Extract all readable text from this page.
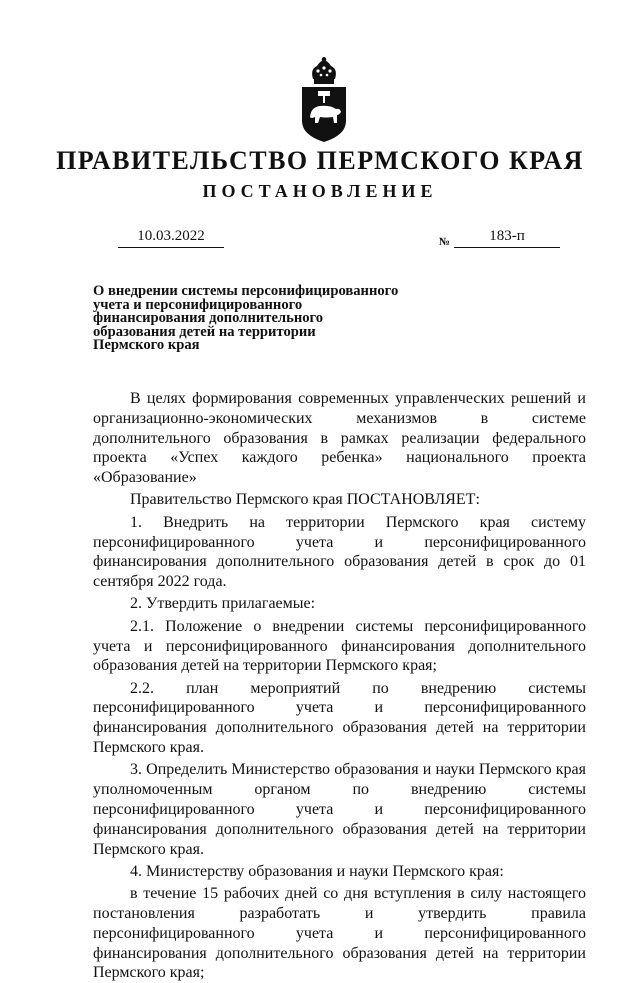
ПРАВИТЕЛЬСТВО ПЕРМСКОГО КРАЯ
ПОСТАНОВЛЕНИЕ
10.03.2022	№	183-п
О внедрении системы персонифицированного
учета и персонифицированного
финансирования дополнительного
образования детей на территории
Пермского края

В целях формирования современных управленческих решений и организационно-экономических механизмов в системе дополнительного образования в рамках реализации федерального проекта «Успех каждого ребенка» национального проекта «Образование»

Правительство Пермского края ПОСТАНОВЛЯЕТ:

1. Внедрить на территории Пермского края систему персонифицированного учета и персонифицированного финансирования дополнительного образования детей в срок до 01 сентября 2022 года.

2. Утвердить прилагаемые:

2.1. Положение о внедрении системы персонифицированного учета и персонифицированного финансирования дополнительного образования детей на территории Пермского края;

2.2. план мероприятий по внедрению системы персонифицированного учета и персонифицированного финансирования дополнительного образования детей на территории Пермского края.

3. Определить Министерство образования и науки Пермского края уполномоченным органом по внедрению системы персонифицированного учета и персонифицированного финансирования дополнительного образования детей на территории Пермского края.

4. Министерству образования и науки Пермского края:

в течение 15 рабочих дней со дня вступления в силу настоящего постановления разработать и утвердить правила персонифицированного учета и персонифицированного финансирования дополнительного образования детей на территории Пермского края;
